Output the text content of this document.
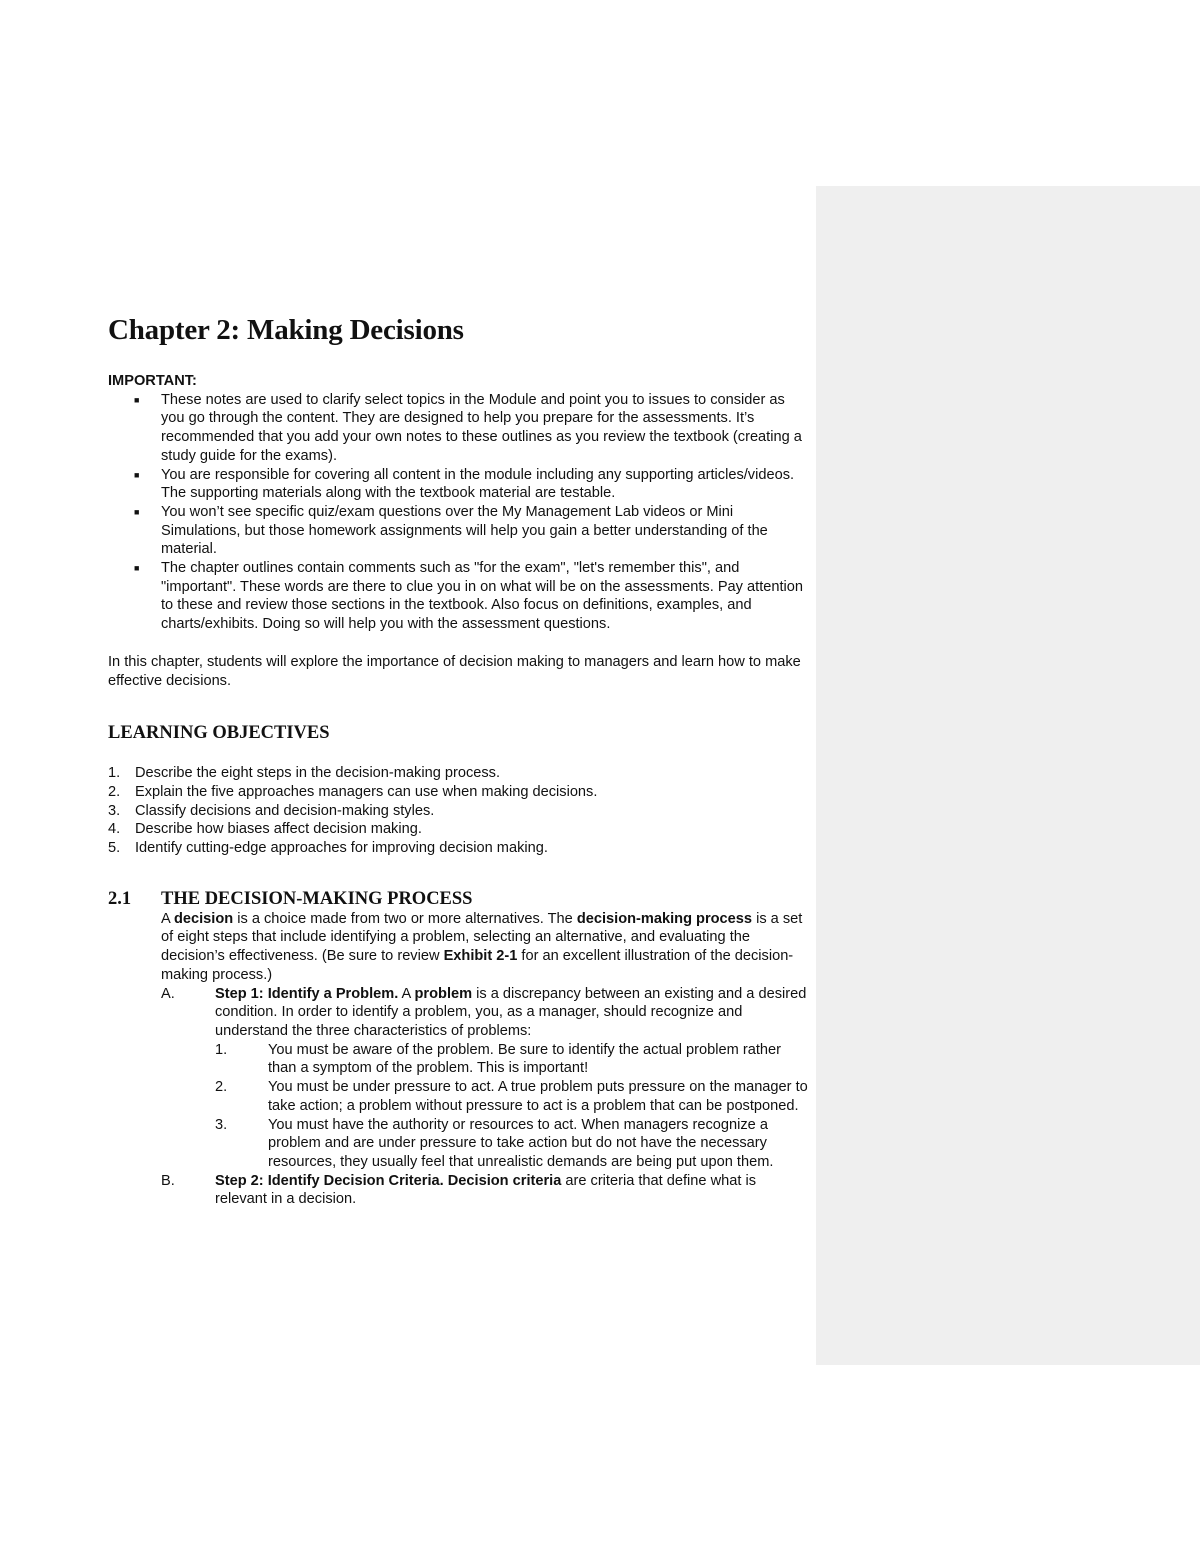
Chapter 2: Making Decisions
IMPORTANT:
■ These notes are used to clarify select topics in the Module and point you to issues to consider as you go through the content. They are designed to help you prepare for the assessments. It’s recommended that you add your own notes to these outlines as you review the textbook (creating a study guide for the exams).
■ You are responsible for covering all content in the module including any supporting articles/videos. The supporting materials along with the textbook material are testable.
■ You won’t see specific quiz/exam questions over the My Management Lab videos or Mini Simulations, but those homework assignments will help you gain a better understanding of the material.
■ The chapter outlines contain comments such as "for the exam", "let's remember this", and "important". These words are there to clue you in on what will be on the assessments. Pay attention to these and review those sections in the textbook. Also focus on definitions, examples, and charts/exhibits. Doing so will help you with the assessment questions.

In this chapter, students will explore the importance of decision making to managers and learn how to make effective decisions.

LEARNING OBJECTIVES
1. Describe the eight steps in the decision-making process.
2. Explain the five approaches managers can use when making decisions.
3. Classify decisions and decision-making styles.
4. Describe how biases affect decision making.
5. Identify cutting-edge approaches for improving decision making.
2.1	THE DECISION-MAKING PROCESS

A decision is a choice made from two or more alternatives. The decision-making process is a set of eight steps that include identifying a problem, selecting an alternative, and evaluating the decision’s effectiveness. (Be sure to review Exhibit 2-1 for an excellent illustration of the decision-making process.)

A.	Step 1: Identify a Problem. A problem is a discrepancy between an existing and a desired condition. In order to identify a problem, you, as a manager, should recognize and understand the three characteristics of problems:

1.	You must be aware of the problem. Be sure to identify the actual problem rather than a symptom of the problem. This is important!
2.	You must be under pressure to act. A true problem puts pressure on the manager to take action; a problem without pressure to act is a problem that can be postponed.
3.	You must have the authority or resources to act. When managers recognize a problem and are under pressure to take action but do not have the necessary resources, they usually feel that unrealistic demands are being put upon them.
B.	Step 2: Identify Decision Criteria. Decision criteria are criteria that define what is relevant in a decision.
